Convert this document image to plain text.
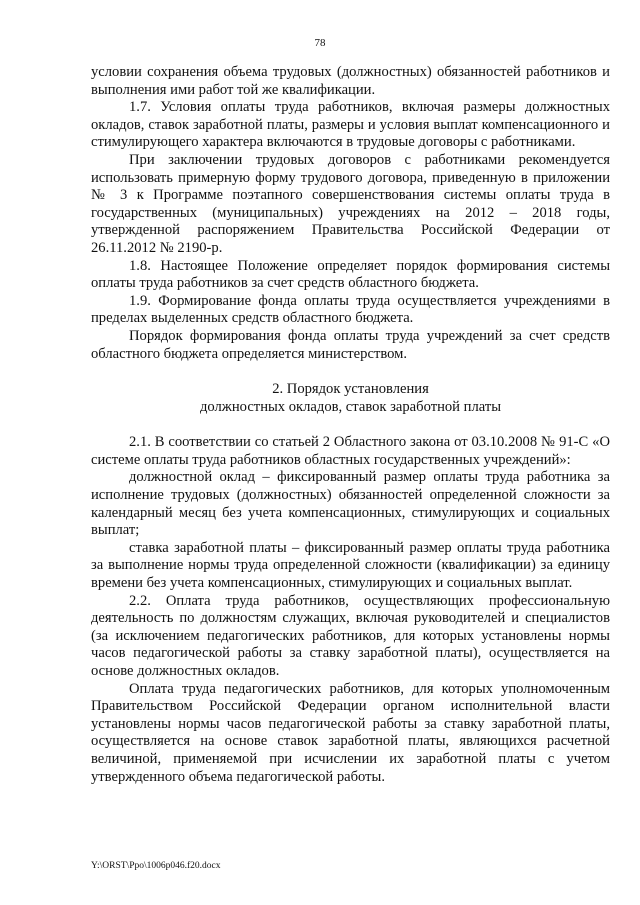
78

условии сохранения объема трудовых (должностных) обязанностей работников и выполнения ими работ той же квалификации.

1.7. Условия оплаты труда работников, включая размеры должностных окладов, ставок заработной платы, размеры и условия выплат компенсационного и стимулирующего характера включаются в трудовые договоры с работниками.

При заключении трудовых договоров с работниками рекомендуется использовать примерную форму трудового договора, приведенную в приложении № 3 к Программе поэтапного совершенствования системы оплаты труда в государственных (муниципальных) учреждениях на 2012 – 2018 годы, утвержденной распоряжением Правительства Российской Федерации от 26.11.2012 № 2190-р.

1.8. Настоящее Положение определяет порядок формирования системы оплаты труда работников за счет средств областного бюджета.

1.9. Формирование фонда оплаты труда осуществляется учреждениями в пределах выделенных средств областного бюджета.

Порядок формирования фонда оплаты труда учреждений за счет средств областного бюджета определяется министерством.

2. Порядок установления

должностных окладов, ставок заработной платы

2.1. В соответствии со статьей 2 Областного закона от 03.10.2008 № 91-С «О системе оплаты труда работников областных государственных учреждений»:

должностной оклад – фиксированный размер оплаты труда работника за исполнение трудовых (должностных) обязанностей определенной сложности за календарный месяц без учета компенсационных, стимулирующих и социальных выплат;

ставка заработной платы – фиксированный размер оплаты труда работника за выполнение нормы труда определенной сложности (квалификации) за единицу времени без учета компенсационных, стимулирующих и социальных выплат.

2.2. Оплата труда работников, осуществляющих профессиональную деятельность по должностям служащих, включая руководителей и специалистов (за исключением педагогических работников, для которых установлены нормы часов педагогической работы за ставку заработной платы), осуществляется на основе должностных окладов.

Оплата труда педагогических работников, для которых уполномоченным Правительством Российской Федерации органом исполнительной власти установлены нормы часов педагогической работы за ставку заработной платы, осуществляется на основе ставок заработной платы, являющихся расчетной величиной, применяемой при исчислении их заработной платы с учетом утвержденного объема педагогической работы.

Y:\ORST\Ppo\1006p046.f20.docx
